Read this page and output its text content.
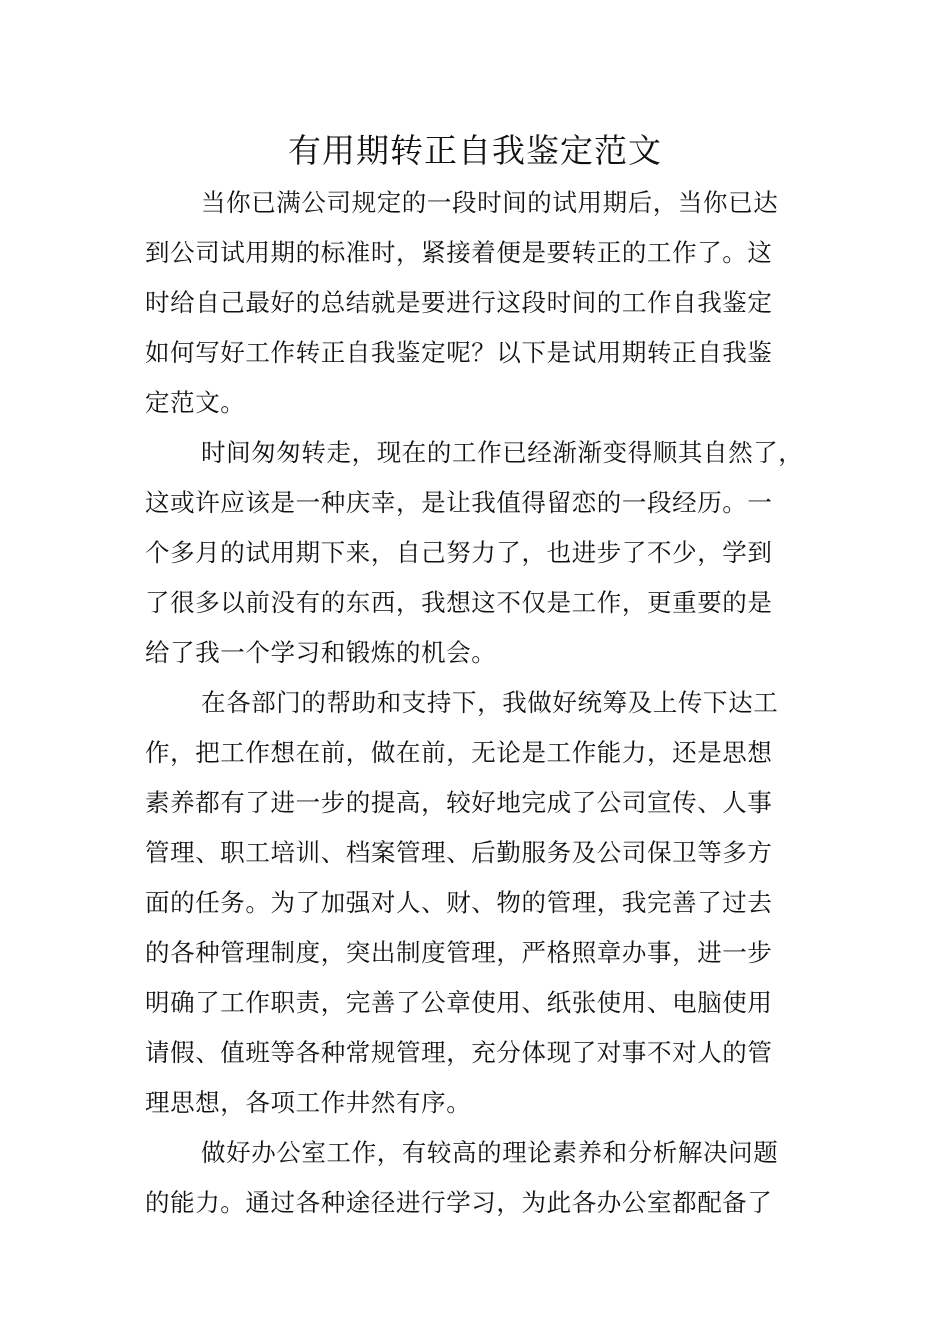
有用期转正自我鉴定范文
当你已满公司规定的一段时间的试用期后，当你已达
到公司试用期的标准时，紧接着便是要转正的工作了。这
时给自己最好的总结就是要进行这段时间的工作自我鉴定
如何写好工作转正自我鉴定呢？以下是试用期转正自我鉴
定范文。
时间匆匆转走，现在的工作已经渐渐变得顺其自然了，
这或许应该是一种庆幸，是让我值得留恋的一段经历。一
个多月的试用期下来，自己努力了，也进步了不少，学到
了很多以前没有的东西，我想这不仅是工作，更重要的是
给了我一个学习和锻炼的机会。
在各部门的帮助和支持下，我做好统筹及上传下达工
作，把工作想在前，做在前，无论是工作能力，还是思想
素养都有了进一步的提高，较好地完成了公司宣传、人事
管理、职工培训、档案管理、后勤服务及公司保卫等多方
面的任务。为了加强对人、财、物的管理，我完善了过去
的各种管理制度，突出制度管理，严格照章办事，进一步
明确了工作职责，完善了公章使用、纸张使用、电脑使用
请假、值班等各种常规管理，充分体现了对事不对人的管
理思想，各项工作井然有序。
做好办公室工作，有较高的理论素养和分析解决问题
的能力。通过各种途径进行学习，为此各办公室都配备了
